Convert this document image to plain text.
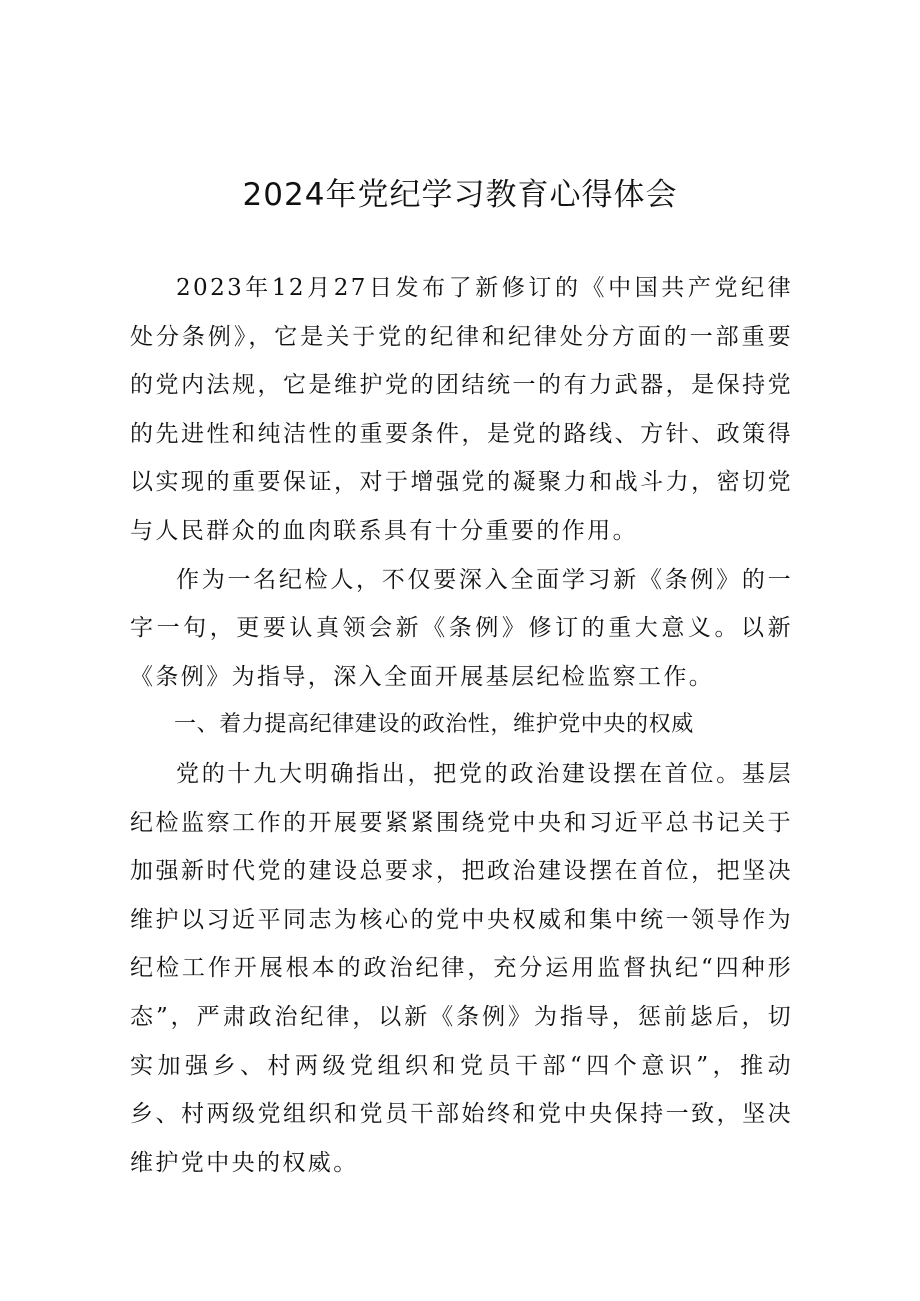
2024年党纪学习教育心得体会

2023年12月27日发布了新修订的《中国共产党纪律处分条例》，它是关于党的纪律和纪律处分方面的一部重要的党内法规，它是维护党的团结统一的有力武器，是保持党的先进性和纯洁性的重要条件，是党的路线、方针、政策得以实现的重要保证，对于增强党的凝聚力和战斗力，密切党与人民群众的血肉联系具有十分重要的作用。

作为一名纪检人，不仅要深入全面学习新《条例》的一字一句，更要认真领会新《条例》修订的重大意义。以新《条例》为指导，深入全面开展基层纪检监察工作。

一、着力提高纪律建设的政治性，维护党中央的权威

党的十九大明确指出，把党的政治建设摆在首位。基层纪检监察工作的开展要紧紧围绕党中央和习近平总书记关于加强新时代党的建设总要求，把政治建设摆在首位，把坚决维护以习近平同志为核心的党中央权威和集中统一领导作为纪检工作开展根本的政治纪律，充分运用监督执纪“四种形态”，严肃政治纪律，以新《条例》为指导，惩前毖后，切实加强乡、村两级党组织和党员干部“四个意识”，推动乡、村两级党组织和党员干部始终和党中央保持一致，坚决维护党中央的权威。
